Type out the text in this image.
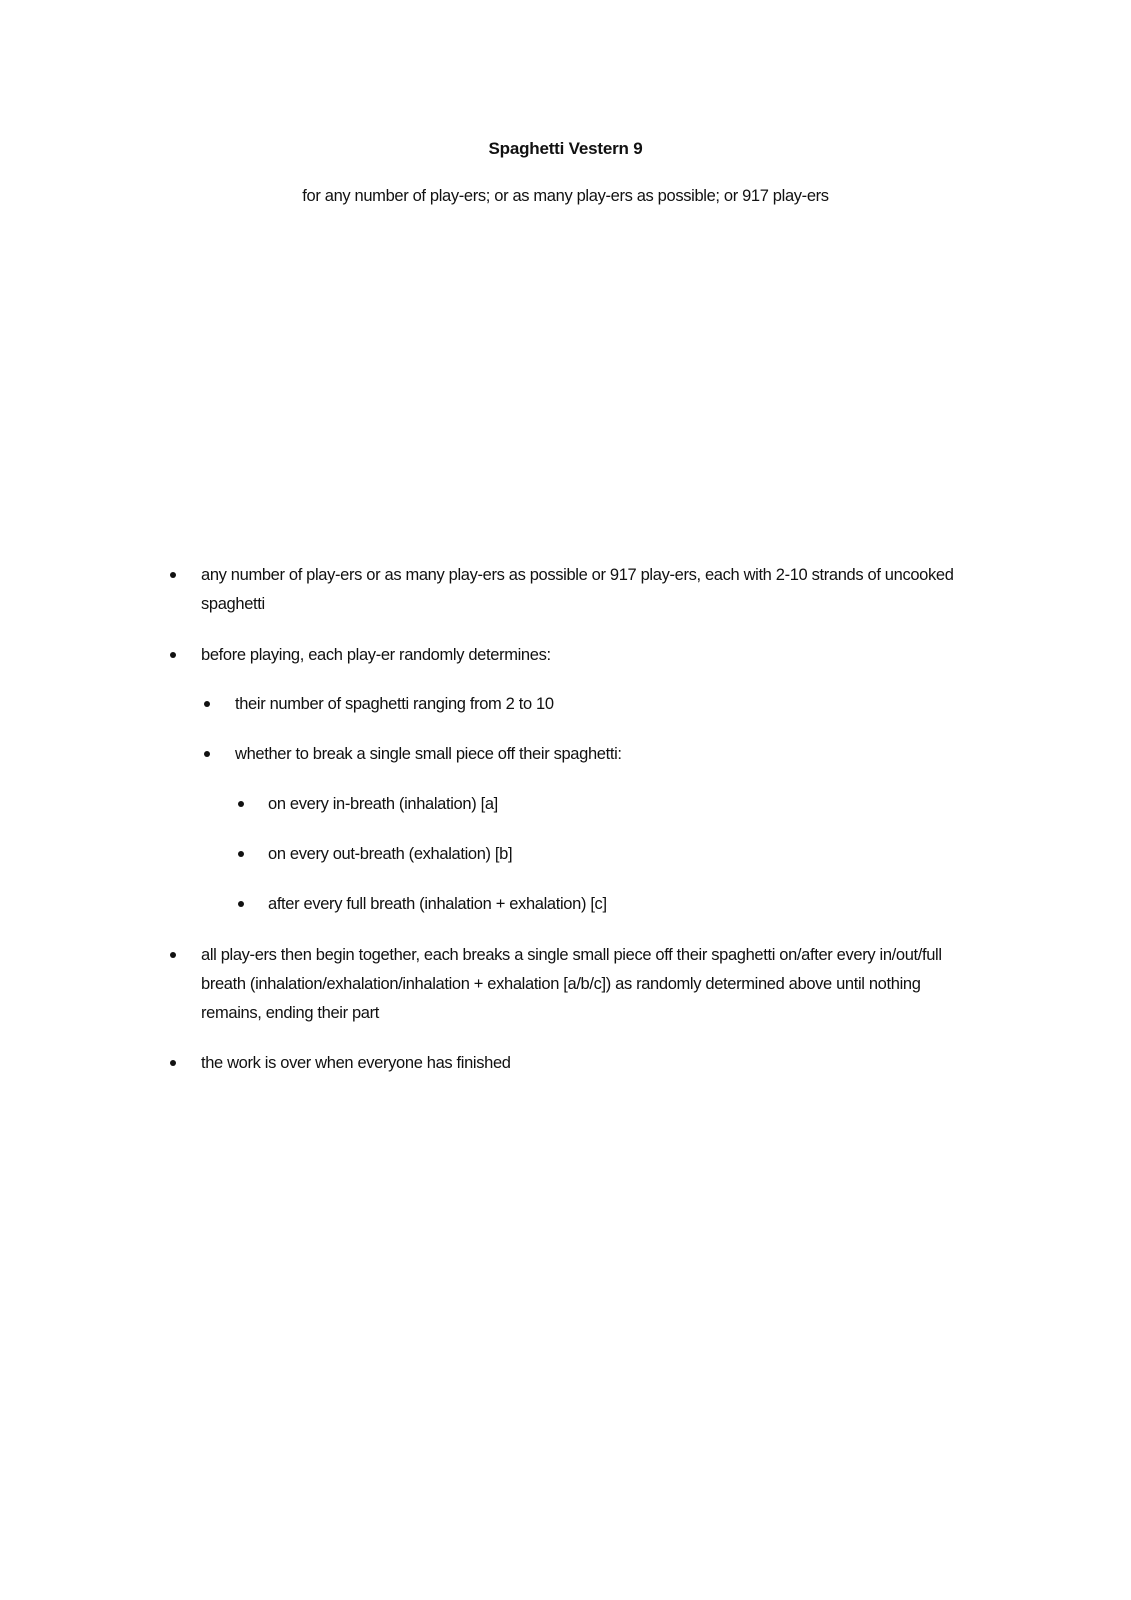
Spaghetti Vestern 9
for any number of play-ers; or as many play-ers as possible; or 917 play-ers
any number of play-ers or as many play-ers as possible or 917 play-ers, each with 2-10 strands of uncooked spaghetti
before playing, each play-er randomly determines:
their number of spaghetti ranging from 2 to 10
whether to break a single small piece off their spaghetti:
on every in-breath (inhalation) [a]
on every out-breath (exhalation) [b]
after every full breath (inhalation + exhalation) [c]
all play-ers then begin together, each breaks a single small piece off their spaghetti on/after every in/out/full breath (inhalation/exhalation/inhalation + exhalation [a/b/c]) as randomly determined above until nothing remains, ending their part
the work is over when everyone has finished
